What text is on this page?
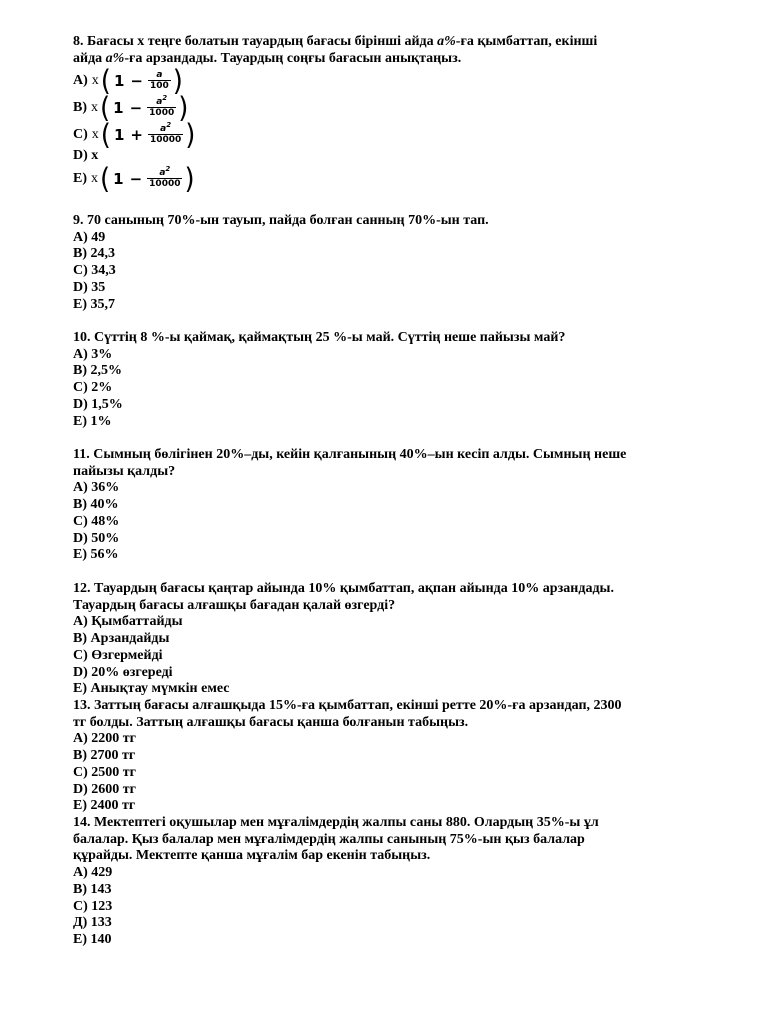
8. Бағасы х теңге болатын тауардың бағасы бірінші айда a%-ға қымбаттап, екінші
айда a%-ға арзандады. Тауардың соңғы бағасын анықтаңыз.
A) x ( $1 - \frac{a}{100}$ )
B) x ( $1 - \frac{a^2}{1000}$ )
C) x ( $1 + \frac{a^2}{10000}$ )
D) x
E) x ( $1 - \frac{a^2}{10000}$ )
9. 70 санының 70%-ын тауып, пайда болған санның 70%-ын тап.
A) 49
B) 24,3
C) 34,3
D) 35
E) 35,7
10. Сүттің 8 %-ы қаймақ, қаймақтың 25 %-ы май. Сүттің неше пайызы май?
A) 3%
B) 2,5%
C) 2%
D) 1,5%
E) 1%
11. Сымның бөлігінен 20%–ды, кейін қалғанының 40%–ын кесіп алды. Сымның неше
пайызы қалды?
A) 36%
B) 40%
C) 48%
D) 50%
E) 56%
12. Тауардың бағасы қаңтар айында 10% қымбаттап, ақпан айында 10% арзандады.
Тауардың бағасы алғашқы бағадан қалай өзгерді?
A) Қымбаттайды
B) Арзандайды
C) Өзгермейді
D) 20% өзгереді
E) Анықтау мүмкін емес
13. Заттың бағасы алғашқыда 15%-ға қымбаттап, екінші ретте 20%-ға арзандап, 2300
тг болды. Заттың алғашқы бағасы қанша болғанын табыңыз.
A) 2200 тг
B) 2700 тг
C) 2500 тг
D) 2600 тг
E) 2400 тг
14. Мектептегі оқушылар мен мұғалімдердің жалпы саны 880. Олардың 35%-ы ұл
балалар. Қыз балалар мен мұғалімдердің жалпы санының 75%-ын қыз балалар
құрайды. Мектепте қанша мұғалім бар екенін табыңыз.
A) 429
B) 143
C) 123
Д) 133
E) 140
